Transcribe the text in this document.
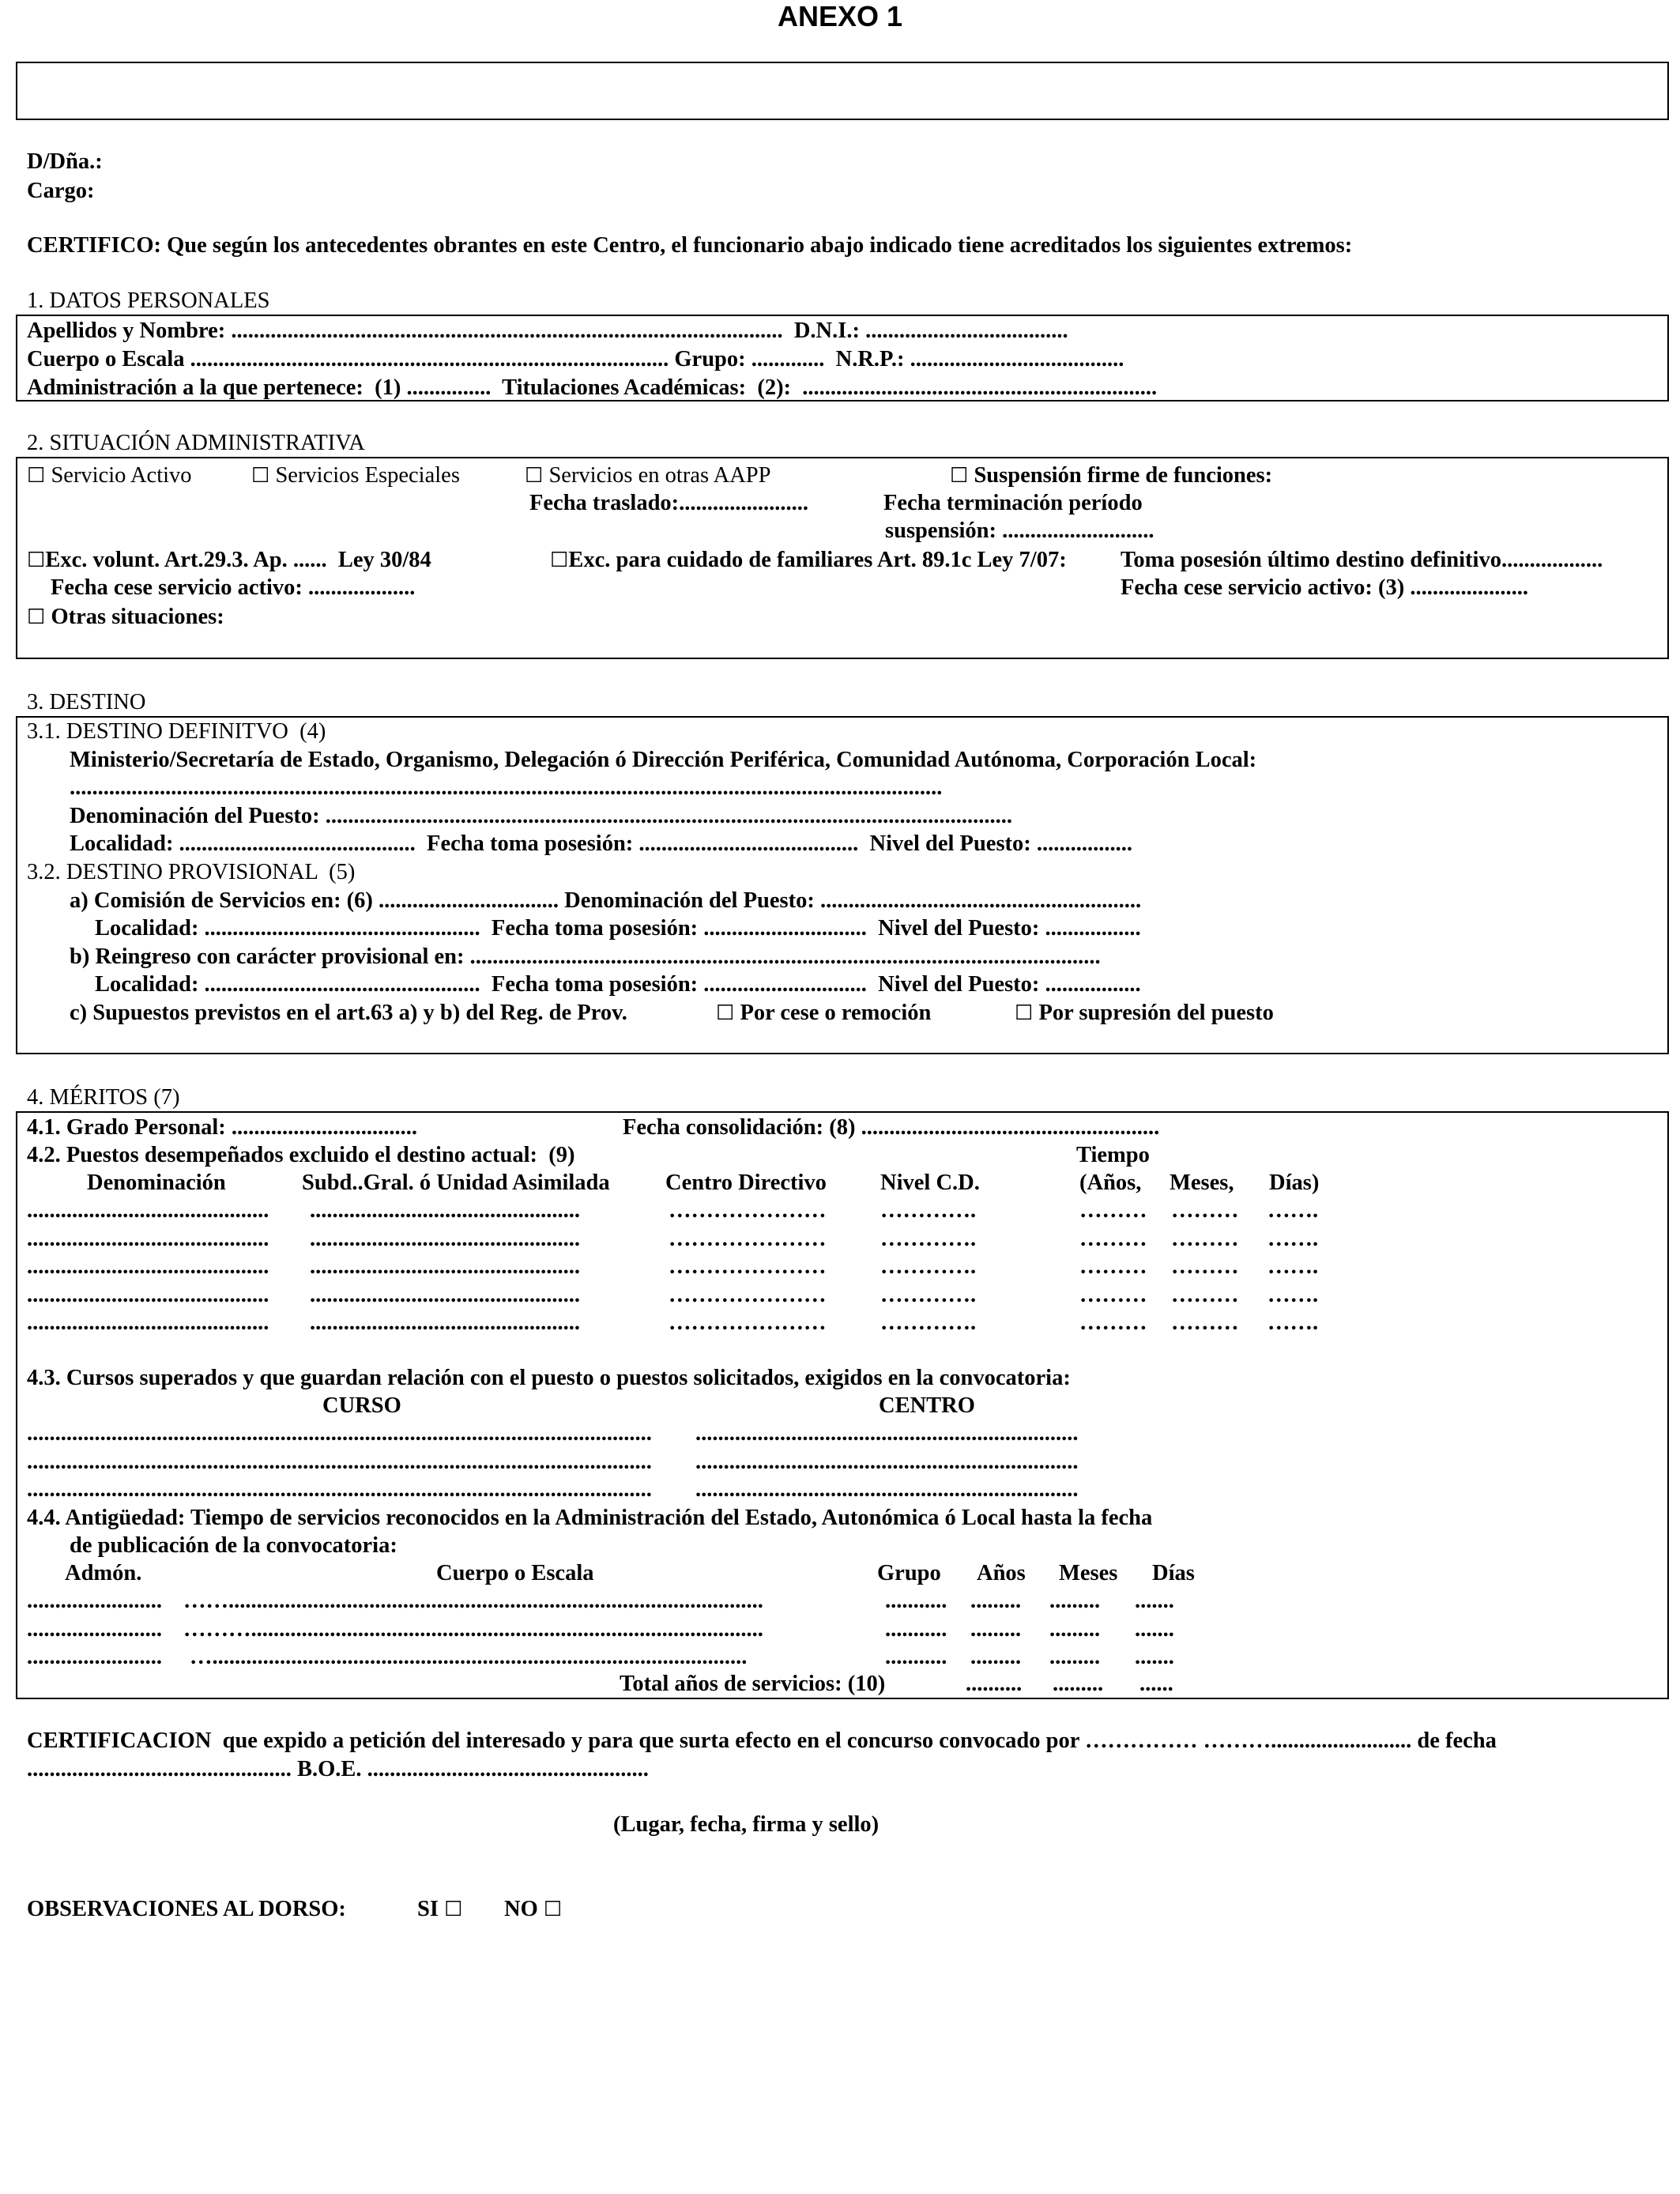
ANEXO 1
D/Dña.:
Cargo:
CERTIFICO: Que según los antecedentes obrantes en este Centro, el funcionario abajo indicado tiene acreditados los siguientes extremos:
1. DATOS PERSONALES
Apellidos y Nombre: ..................................................................................................  D.N.I.: ....................................
Cuerpo o Escala ..................................................................................... Grupo: .............  N.R.P.: ......................................
Administración a la que pertenece:  (1) ...............  Titulaciones Académicas:  (2):  ...............................................................
2. SITUACIÓN ADMINISTRATIVA
☐ Servicio Activo	☐ Servicios Especiales	☐ Servicios en otras AAPP	☐ Suspensión firme de funciones:
Fecha traslado:.......................	Fecha terminación período
suspensión: ...........................
☐Exc. volunt. Art.29.3. Ap. ......  Ley 30/84	☐Exc. para cuidado de familiares Art. 89.1c Ley 7/07: Toma posesión último destino definitivo..................
Fecha cese servicio activo: ...................	Fecha cese servicio activo: (3) .....................
☐ Otras situaciones:
3. DESTINO
3.1. DESTINO DEFINITVO  (4)
Ministerio/Secretaría de Estado, Organismo, Delegación ó Dirección Periférica, Comunidad Autónoma, Corporación Local:
...........................................................................................................................................................
Denominación del Puesto: ..........................................................................................................................
Localidad: ..........................................  Fecha toma posesión: .......................................  Nivel del Puesto: .................
3.2. DESTINO PROVISIONAL  (5)
a) Comisión de Servicios en: (6) ................................ Denominación del Puesto: .........................................................
Localidad: .................................................  Fecha toma posesión: .............................  Nivel del Puesto: .................
b) Reingreso con carácter provisional en: ................................................................................................................
Localidad: .................................................  Fecha toma posesión: .............................  Nivel del Puesto: .................
c) Supuestos previstos en el art.63 a) y b) del Reg. de Prov.	☐ Por cese o remoción	☐ Por supresión del puesto
4. MÉRITOS (7)
4.1. Grado Personal: .................................	Fecha consolidación: (8) .....................................................
4.2. Puestos desempeñados excluido el destino actual:  (9)	Tiempo
Denominación	Subd..Gral. ó Unidad Asimilada Centro Directivo Nivel C.D.	(Años, Meses, Días)
........................................... ................................................	………………… ………….	……… ……… …….
........................................... ................................................	………………… ………….	……… ……… …….
........................................... ................................................	………………… ………….	……… ……… …….
........................................... ................................................	………………… ………….	……… ……… …….
........................................... ................................................	………………… ………….	……… ……… …….
4.3. Cursos superados y que guardan relación con el puesto o puestos solicitados, exigidos en la convocatoria:
CURSO	CENTRO
............................................................................................................... ....................................................................
............................................................................................................... ....................................................................
............................................................................................................... ....................................................................
4.4. Antigüedad: Tiempo de servicios reconocidos en la Administración del Estado, Autonómica ó Local hasta la fecha
de publicación de la convocatoria:
Admón.	Cuerpo o Escala	Grupo Años Meses Días
........................ ……...............................................................................................	........... ......... ......... .......
........................ ………...........................................................................................	........... ......... ......... .......
........................ …...............................................................................................	........... ......... ......... .......
Total años de servicios: (10)	.......... ......... ......
CERTIFICACION  que expido a petición del interesado y para que surta efecto en el concurso convocado por …………… ………......................... de fecha
............................................... B.O.E. ..................................................
(Lugar, fecha, firma y sello)
OBSERVACIONES AL DORSO:	SI ☐ NO ☐
